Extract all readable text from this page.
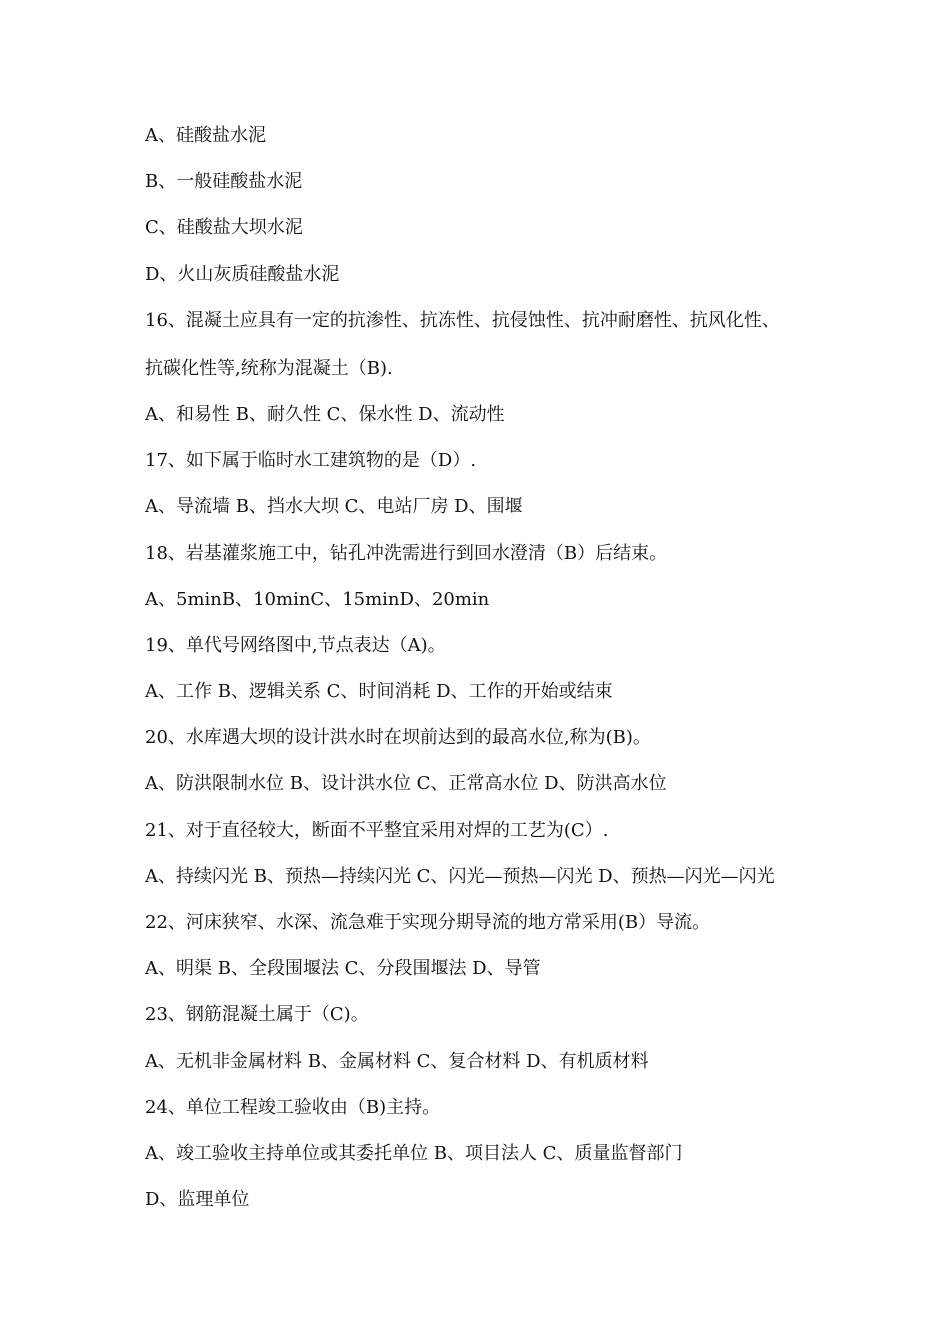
A、硅酸盐水泥
B、一般硅酸盐水泥
C、硅酸盐大坝水泥
D、火山灰质硅酸盐水泥
16、混凝土应具有一定的抗渗性、抗冻性、抗侵蚀性、抗冲耐磨性、抗风化性、
抗碳化性等,统称为混凝土（B).
A、和易性 B、耐久性 C、保水性 D、流动性
17、如下属于临时水工建筑物的是（D）.
A、导流墙 B、挡水大坝 C、电站厂房 D、围堰
18、岩基灌浆施工中，钻孔冲洗需进行到回水澄清（B）后结束。
A、5minB、10minC、15minD、20min
19、单代号网络图中,节点表达（A)。
A、工作 B、逻辑关系 C、时间消耗 D、工作的开始或结束
20、水库遇大坝的设计洪水时在坝前达到的最高水位,称为(B)。
A、防洪限制水位 B、设计洪水位 C、正常高水位 D、防洪高水位
21、对于直径较大，断面不平整宜采用对焊的工艺为(C）.
A、持续闪光 B、预热—持续闪光 C、闪光—预热—闪光 D、预热—闪光—闪光
22、河床狭窄、水深、流急难于实现分期导流的地方常采用(B）导流。
A、明渠 B、全段围堰法 C、分段围堰法 D、导管
23、钢筋混凝土属于（C)。
A、无机非金属材料 B、金属材料 C、复合材料 D、有机质材料
24、单位工程竣工验收由（B)主持。
A、竣工验收主持单位或其委托单位 B、项目法人 C、质量监督部门
D、监理单位
